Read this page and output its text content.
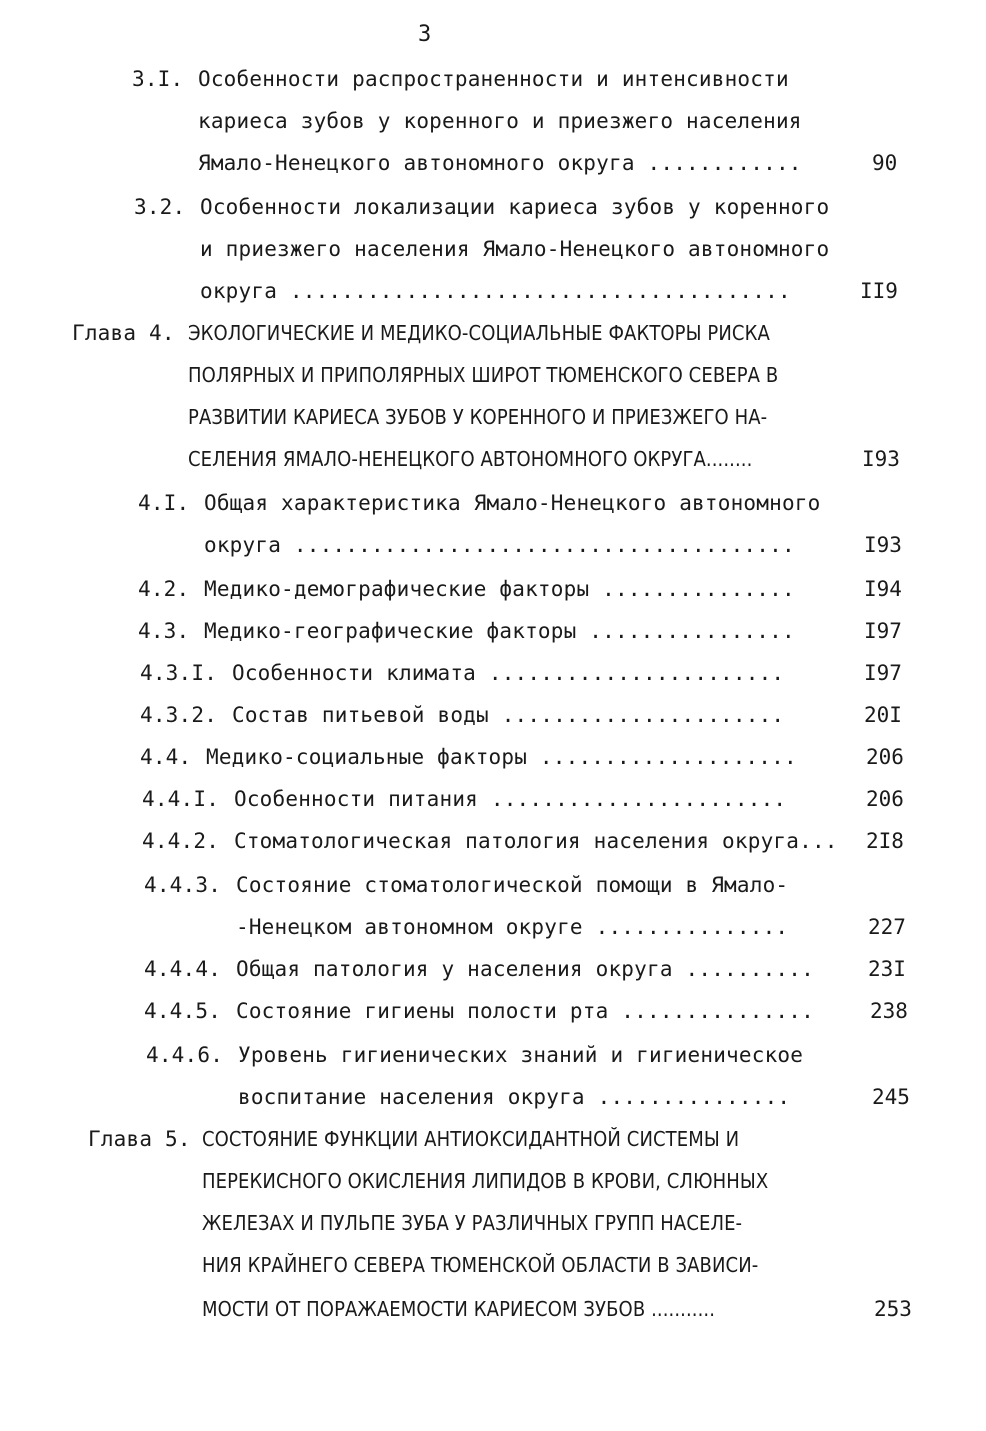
3
3.I. Особенности распространенности и интенсивности
кариеса зубов у коренного и приезжего населения
Ямало-Ненецкого автономного округа ............	90
3.2. Особенности локализации кариеса зубов у коренного
и приезжего населения Ямало-Ненецкого автономного
округа .......................................	II9
Глава 4. ЭКОЛОГИЧЕСКИЕ И МЕДИКО-СОЦИАЛЬНЫЕ ФАКТОРЫ РИСКА
ПОЛЯРНЫХ И ПРИПОЛЯРНЫХ ШИРОТ ТЮМЕНСКОГО СЕВЕРА В
РАЗВИТИИ КАРИЕСА ЗУБОВ У КОРЕННОГО И ПРИЕЗЖЕГО НА-
СЕЛЕНИЯ ЯМАЛО-НЕНЕЦКОГО АВТОНОМНОГО ОКРУГА........	I93
4.I. Общая характеристика Ямало-Ненецкого автономного
округа .......................................	I93
4.2. Медико-демографические факторы ...............	I94
4.3. Медико-географические факторы ................	I97
4.3.I. Особенности климата .......................	I97
4.3.2. Состав питьевой воды ......................	20I
4.4. Медико-социальные факторы ....................	206
4.4.I. Особенности питания .......................	206
4.4.2. Стоматологическая патология населения округа... 2I8
4.4.3. Состояние стоматологической помощи в Ямало-
-Ненецком автономном округе ...............	227
4.4.4. Общая патология у населения округа ..........	23I
4.4.5. Состояние гигиены полости рта ...............	238
4.4.6. Уровень гигиенических знаний и гигиеническое
воспитание населения округа ...............	245
Глава 5. СОСТОЯНИЕ ФУНКЦИИ АНТИОКСИДАНТНОЙ СИСТЕМЫ И
ПЕРЕКИСНОГО ОКИСЛЕНИЯ ЛИПИДОВ В КРОВИ, СЛЮННЫХ
ЖЕЛЕЗАХ И ПУЛЬПЕ ЗУБА У РАЗЛИЧНЫХ ГРУПП НАСЕЛЕ-
НИЯ КРАЙНЕГО СЕВЕРА ТЮМЕНСКОЙ ОБЛАСТИ В ЗАВИСИ-
МОСТИ ОТ ПОРАЖАЕМОСТИ КАРИЕСОМ ЗУБОВ ...........	253
